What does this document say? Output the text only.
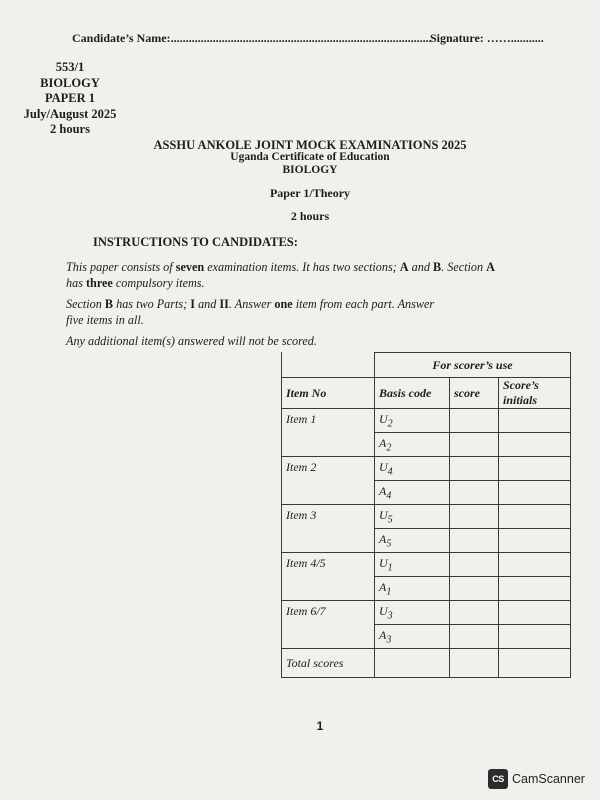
Candidate’s Name:.......................................................................................
Signature: ……...........
553/1
BIOLOGY
PAPER 1
July/August 2025
2 hours
ASSHU ANKOLE JOINT MOCK EXAMINATIONS 2025
Uganda Certificate of Education
BIOLOGY
Paper 1/Theory
2 hours
INSTRUCTIONS TO CANDIDATES:
This paper consists of seven examination items. It has two sections; A and B. Section A
has three compulsory items.
Section B has two Parts; I and II. Answer one item from each part. Answer
five items in all.
Any additional item(s) answered will not be scored.
	For scorer’s use		
Item No	Basis code	score	Score’s initials
Item 1	$U_2$		
	$A_2$		
Item 2	$U_4$		
	$A_4$		
Item 3	$U_5$		
	$A_5$		
Item 4/5	$U_1$		
	$A_1$		
Item 6/7	$U_3$		
	$A_3$		
Total scores			
1
CS CamScanner
